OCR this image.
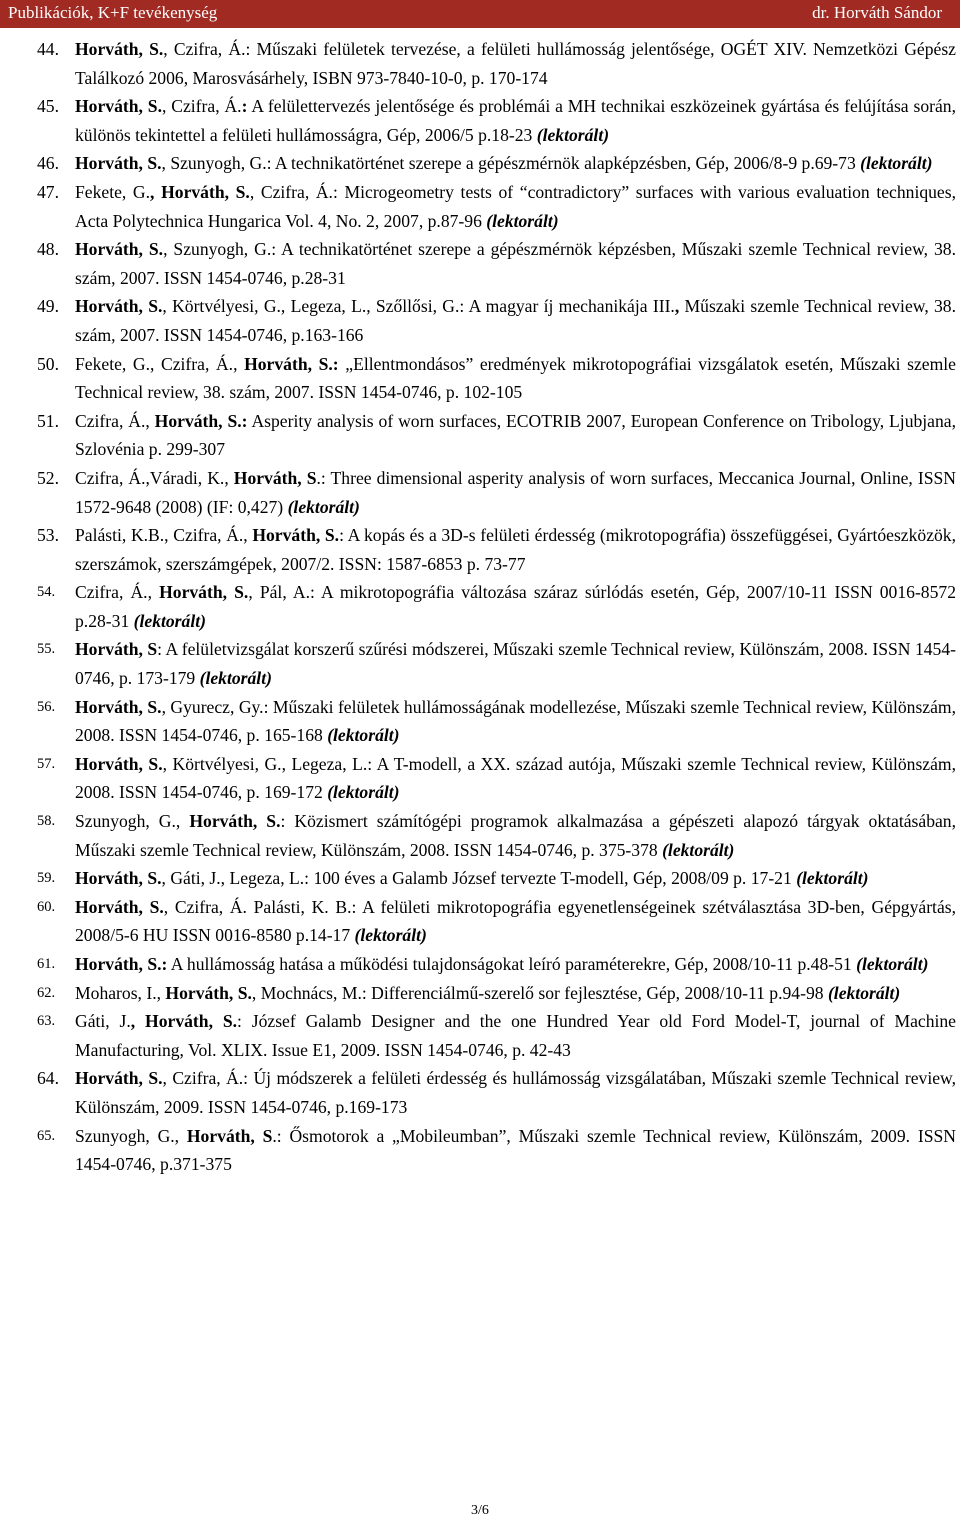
Publikációk, K+F tevékenység	dr. Horváth Sándor
44. Horváth, S., Czifra, Á.: Műszaki felületek tervezése, a felületi hullámosság jelentősége, OGÉT XIV. Nemzetközi Gépész Találkozó 2006, Marosvásárhely, ISBN 973-7840-10-0, p. 170-174
45. Horváth, S., Czifra, Á.: A felülettervezés jelentősége és problémái a MH technikai eszközeinek gyártása és felújítása során, különös tekintettel a felületi hullámosságra, Gép, 2006/5 p.18-23 (lektorált)
46. Horváth, S., Szunyogh, G.: A technikatörténet szerepe a gépészmérnök alapképzésben, Gép, 2006/8-9 p.69-73 (lektorált)
47. Fekete, G., Horváth, S., Czifra, Á.: Microgeometry tests of “contradictory” surfaces with various evaluation techniques, Acta Polytechnica Hungarica Vol. 4, No. 2, 2007, p.87-96 (lektorált)
48. Horváth, S., Szunyogh, G.: A technikatörténet szerepe a gépészmérnök képzésben, Műszaki szemle Technical review, 38. szám, 2007. ISSN 1454-0746, p.28-31
49. Horváth, S., Körtvélyesi, G., Legeza, L., Szőllősi, G.: A magyar íj mechanikája III., Műszaki szemle Technical review, 38. szám, 2007. ISSN 1454-0746, p.163-166
50. Fekete, G., Czifra, Á., Horváth, S.: „Ellentmondásos” eredmények mikrotopográfiai vizsgálatok esetén, Műszaki szemle Technical review, 38. szám, 2007. ISSN 1454-0746, p. 102-105
51. Czifra, Á., Horváth, S.: Asperity analysis of worn surfaces, ECOTRIB 2007, European Conference on Tribology, Ljubjana, Szlovénia p. 299-307
52. Czifra, Á.,Váradi, K., Horváth, S.: Three dimensional asperity analysis of worn surfaces, Meccanica Journal, Online, ISSN 1572-9648 (2008) (IF: 0,427) (lektorált)
53. Palásti, K.B., Czifra, Á., Horváth, S.: A kopás és a 3D-s felületi érdesség (mikrotopográfia) összefüggései, Gyártóeszközök, szerszámok, szerszámgépek, 2007/2. ISSN: 1587-6853 p. 73-77
54. Czifra, Á., Horváth, S., Pál, A.: A mikrotopográfia változása száraz súrlódás esetén, Gép, 2007/10-11 ISSN 0016-8572 p.28-31 (lektorált)
55. Horváth, S: A felületvizsgálat korszerű szűrési módszerei, Műszaki szemle Technical review, Különszám, 2008. ISSN 1454-0746, p. 173-179 (lektorált)
56. Horváth, S., Gyurecz, Gy.: Műszaki felületek hullámosságának modellezése, Műszaki szemle Technical review, Különszám, 2008. ISSN 1454-0746, p. 165-168 (lektorált)
57. Horváth, S., Körtvélyesi, G., Legeza, L.: A T-modell, a XX. század autója, Műszaki szemle Technical review, Különszám, 2008. ISSN 1454-0746, p. 169-172 (lektorált)
58. Szunyogh, G., Horváth, S.: Közismert számítógépi programok alkalmazása a gépészeti alapozó tárgyak oktatásában, Műszaki szemle Technical review, Különszám, 2008. ISSN 1454-0746, p. 375-378 (lektorált)
59. Horváth, S., Gáti, J., Legeza, L.: 100 éves a Galamb József tervezte T-modell, Gép, 2008/09 p. 17-21 (lektorált)
60. Horváth, S., Czifra, Á. Palásti, K. B.: A felületi mikrotopográfia egyenetlenségeinek szétválasztása 3D-ben, Gépgyártás, 2008/5-6 HU ISSN 0016-8580 p.14-17 (lektorált)
61. Horváth, S.: A hullámosság hatása a működési tulajdonságokat leíró paraméterekre, Gép, 2008/10-11 p.48-51 (lektorált)
62. Moharos, I., Horváth, S., Mochnács, M.: Differenciálmű-szerelő sor fejlesztése, Gép, 2008/10-11 p.94-98 (lektorált)
63. Gáti, J., Horváth, S.: József Galamb Designer and the one Hundred Year old Ford Model-T, journal of Machine Manufacturing, Vol. XLIX. Issue E1, 2009. ISSN 1454-0746, p. 42-43
64. Horváth, S., Czifra, Á.: Új módszerek a felületi érdesség és hullámosság vizsgálatában, Műszaki szemle Technical review, Különszám, 2009. ISSN 1454-0746, p.169-173
65. Szunyogh, G., Horváth, S.: Ősmotorok a „Mobileumban”, Műszaki szemle Technical review, Különszám, 2009. ISSN 1454-0746, p.371-375
3/6
